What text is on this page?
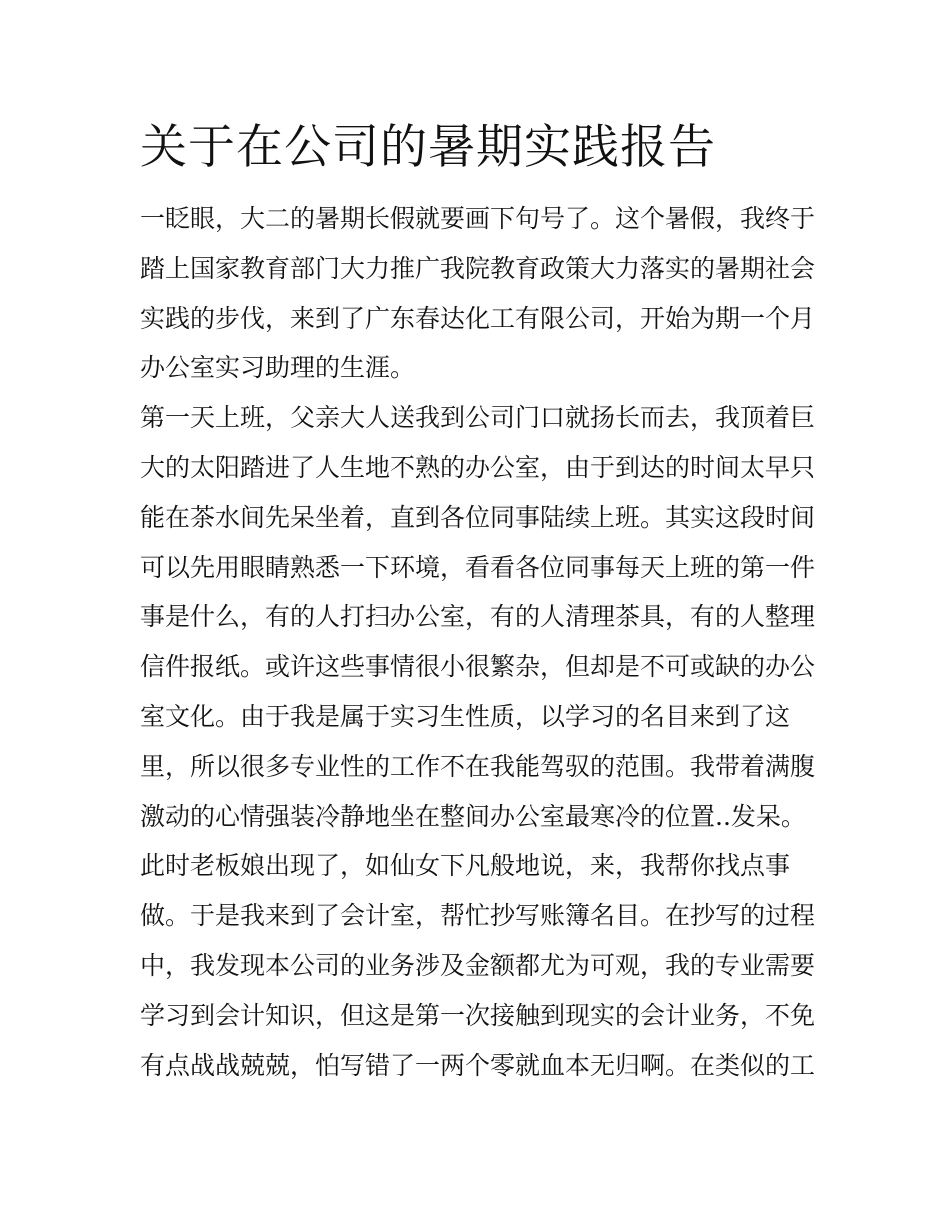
关于在公司的暑期实践报告
一眨眼，大二的暑期长假就要画下句号了。这个暑假，我终于
踏上国家教育部门大力推广我院教育政策大力落实的暑期社会
实践的步伐，来到了广东春达化工有限公司，开始为期一个月
办公室实习助理的生涯。
第一天上班，父亲大人送我到公司门口就扬长而去，我顶着巨
大的太阳踏进了人生地不熟的办公室，由于到达的时间太早只
能在茶水间先呆坐着，直到各位同事陆续上班。其实这段时间
可以先用眼睛熟悉一下环境，看看各位同事每天上班的第一件
事是什么，有的人打扫办公室，有的人清理茶具，有的人整理
信件报纸。或许这些事情很小很繁杂，但却是不可或缺的办公
室文化。由于我是属于实习生性质，以学习的名目来到了这
里，所以很多专业性的工作不在我能驾驭的范围。我带着满腹
激动的心情强装冷静地坐在整间办公室最寒冷的位置..发呆。
此时老板娘出现了，如仙女下凡般地说，来，我帮你找点事
做。于是我来到了会计室，帮忙抄写账簿名目。在抄写的过程
中，我发现本公司的业务涉及金额都尤为可观，我的专业需要
学习到会计知识，但这是第一次接触到现实的会计业务，不免
有点战战兢兢，怕写错了一两个零就血本无归啊。在类似的工
